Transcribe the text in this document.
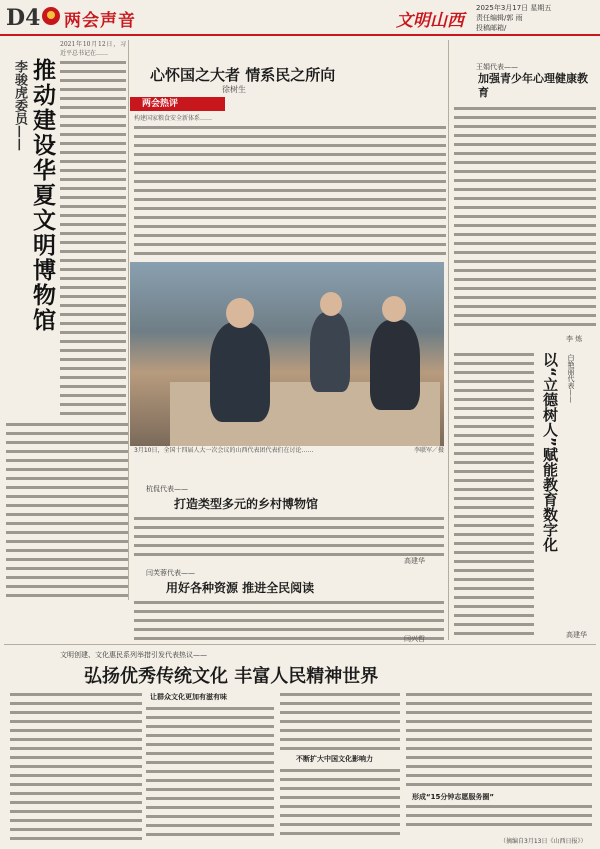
D4 两会声音	文明山西
2025年3月17日 星期五
责任编辑/郭 雨
投稿邮箱/
李骏虎委员—— 推动建设华夏文明博物馆

2021年10月12日，习近平总书记在……

心怀国之大者 情系民之所向
徐树生
两会热评

构建国家粮食安全新体系……

3月10日，全国十四届人大一次会议的山西代表团代表们在讨论……	李联军／摄
杭侃代表——
打造类型多元的乡村博物馆
高建华
闫芙蓉代表——
用好各种资源 推进全民阅读
闫兴哲
王娟代表——
加强青少年心理健康教育
李 炼
白艳丽代表——
以“立德树人”赋能教育数字化
高建华
文明创建、文化惠民系列举措引发代表热议——
弘扬优秀传统文化 丰富人民精神世界
让群众文化更加有滋有味
不断扩大中国文化影响力
形成“15分钟志愿服务圈”
（摘编自3月13日《山西日报》）
